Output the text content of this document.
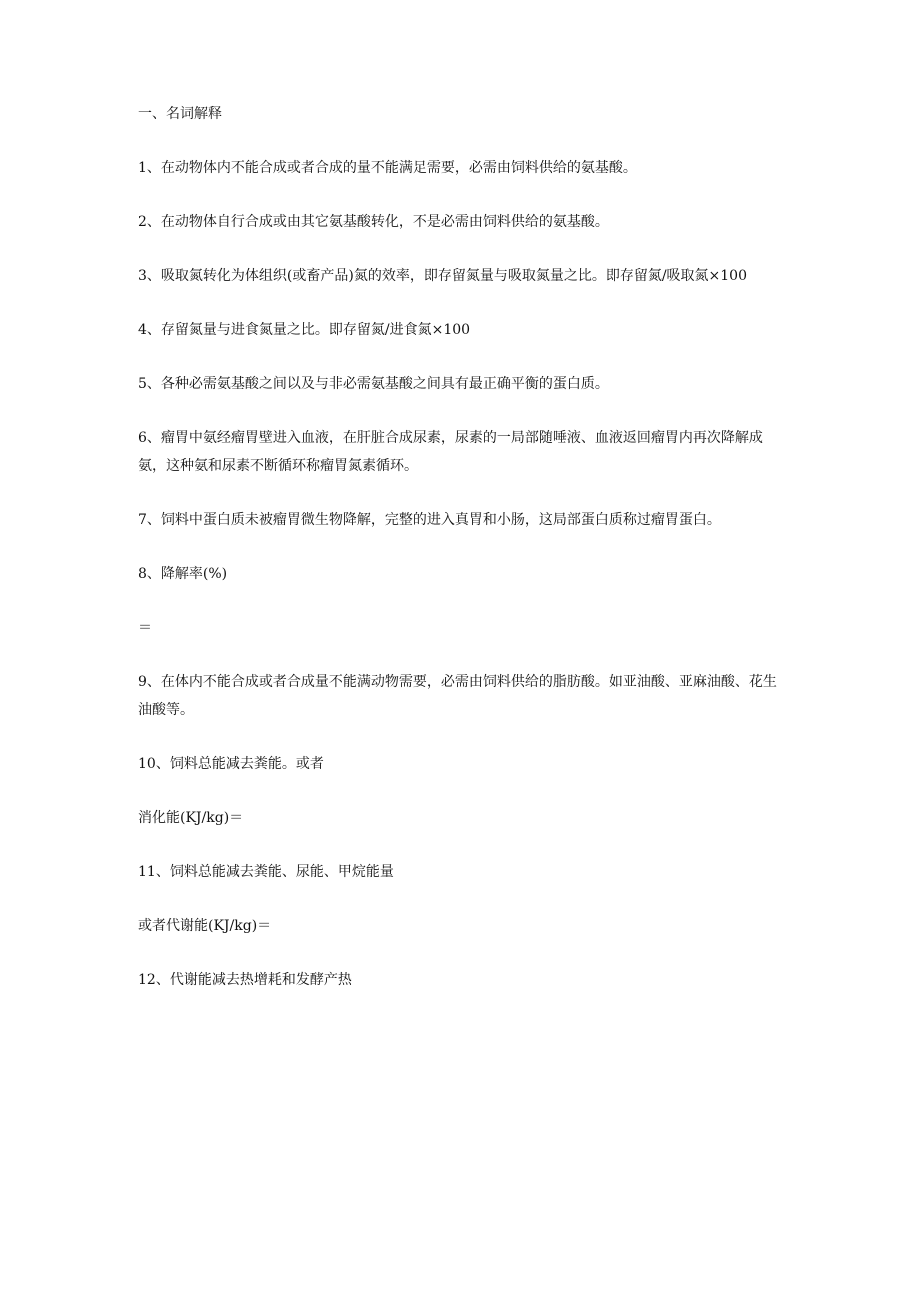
一、名词解释

1、在动物体内不能合成或者合成的量不能满足需要，必需由饲料供给的氨基酸。

2、在动物体自行合成或由其它氨基酸转化，不是必需由饲料供给的氨基酸。

3、吸取氮转化为体组织(或畜产品)氮的效率，即存留氮量与吸取氮量之比。即存留氮/吸取氮×100

4、存留氮量与进食氮量之比。即存留氮/进食氮×100

5、各种必需氨基酸之间以及与非必需氨基酸之间具有最正确平衡的蛋白质。

6、瘤胃中氨经瘤胃壁进入血液，在肝脏合成尿素，尿素的一局部随唾液、血液返回瘤胃内再次降解成氨，这种氨和尿素不断循环称瘤胃氮素循环。

7、饲料中蛋白质未被瘤胃微生物降解，完整的进入真胃和小肠，这局部蛋白质称过瘤胃蛋白。

8、降解率(%)

＝

9、在体内不能合成或者合成量不能满动物需要，必需由饲料供给的脂肪酸。如亚油酸、亚麻油酸、花生油酸等。

10、饲料总能减去粪能。或者

消化能(KJ/kg)＝

11、饲料总能减去粪能、尿能、甲烷能量

或者代谢能(KJ/kg)＝

12、代谢能减去热增耗和发酵产热
